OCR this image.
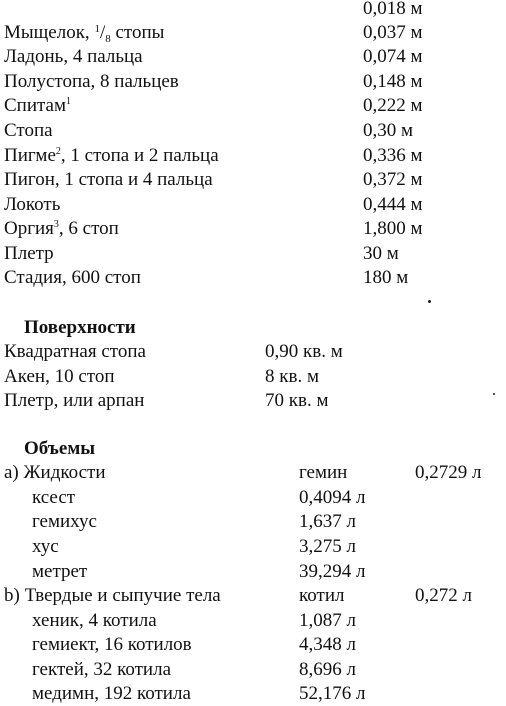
0,018 м
Мыщелок, $^1/_8$ стопы	0,037 м
Ладонь, 4 пальца	0,074 м
Полустопа, 8 пальцев	0,148 м
Спитам$^1$	0,222 м
Стопа	0,30 м
Пигме$^2$, 1 стопа и 2 пальца	0,336 м
Пигон, 1 стопа и 4 пальца	0,372 м
Локоть	0,444 м
Оргия$^3$, 6 стоп	1,800 м
Плетр	30 м
Стадия, 600 стоп	180 м
Поверхности
Квадратная стопа	0,90 кв. м
Акен, 10 стоп	8 кв. м
Плетр, или арпан	70 кв. м
Объемы
a) Жидкости	гемин	0,2729 л
ксест	0,4094 л
гемихус	1,637 л
хус	3,275 л
метрет	39,294 л
b) Твердые и сыпучие тела	котил	0,272 л
хеник, 4 котила	1,087 л
гемиект, 16 котилов	4,348 л
гектей, 32 котила	8,696 л
медимн, 192 котила	52,176 л
